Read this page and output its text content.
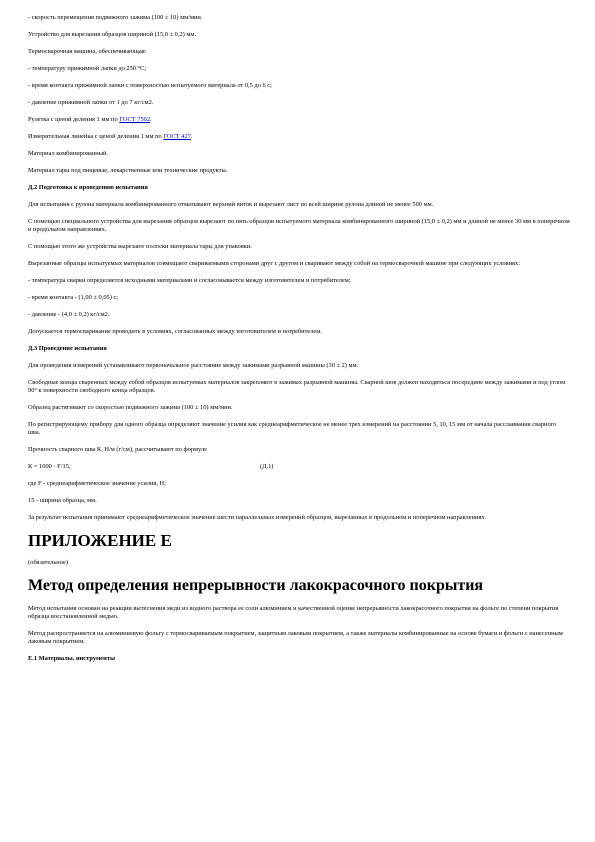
- скорость перемещения подвижного зажима (100 ± 10) мм/мин.

Устройство для вырезания образцов шириной (15,0 ± 0,2) мм.

Термосварочная машина, обеспечивающая:

- температуру прижимной лапки до 250 °С;

- время контакта прижимной лапки с поверхностью испытуемого материала от 0,5 до 6 с;

- давление прижимной лапки от 1 до 7 кг/см2.

Рулетка с ценой деления 1 мм по ГОСТ 7502.

Измерительная линейка с ценой деления 1 мм по ГОСТ 427.

Материал комбинированный.

Материал тары под пищевые, лекарственные или технические продукты.

Д.2 Подготовка к проведению испытания

Для испытания с рулона материала комбинированного отматывают верхний виток и вырезают лист по всей ширине рулона длиной не менее 500 мм.

С помощью специального устройства для вырезания образцов вырезают по пять образцов испытуемого материала комбинированного шириной (15,0 ± 0,2) мм и длиной не менее 30 мм в поперечном и продольном направлениях.

С помощью этого же устройства вырезают полоски материала тары для упаковки.

Вырезанные образцы испытуемых материалов совмещают свариваемыми сторонами друг с другом и сваривают между собой на термосварочной машине при следующих условиях:

- температура сварки определяется исходными материалами и согласовывается между изготовителем и потребителем;

- время контакта - (1,00 ± 0,05) с;

- давление - (4,0 ± 0,2) кг/см2.

Допускается термосваривание проводить в условиях, согласованных между изготовителем и потребителем.

Д.3 Проведение испытания

Для проведения измерений устанавливают первоначальное расстояние между зажимами разрывной машины (30 ± 2) мм.

Свободные концы сваренных между собой образцов испытуемых материалов закрепляют в зажимах разрывной машины. Сварной шов должен находиться посередине между зажимами и под углом 90° к поверхности свободного конца образцов.

Образец растягивают со скоростью подвижного зажима (100 ± 10) мм/мин.

По регистрирующему прибору для одного образца определяют значение усилия как среднеарифметическое не менее трех измерений на расстоянии 5, 10, 15 мм от начала расслаивания сварного шва.

Прочность сварного шва К, Н/м (г/см), рассчитывают по формуле

К = 1000 · F/15,	(Д.1)

где F - среднеарифметическое значение усилия, Н;

15 - ширина образца, мм.

За результат испытания принимают среднеарифметическое значение шести параллельных измерений образцов, вырезанных в продольном и поперечном направлениях.

ПРИЛОЖЕНИЕ Е

(обязательное)

Метод определения непрерывности лакокрасочного покрытия

Метод испытания основан на реакции вытеснения меди из водного раствора ее соли алюминием и качественной оценке непрерывности лакокрасочного покрытия на фольге по степени покрытия образца восстановленной медью.

Метод распространяется на алюминиевую фольгу с термосвариваемым покрытием, защитным лаковым покрытием, а также материалы комбинированные на основе бумаги и фольги с нанесенным лаковым покрытием.

Е.1 Материалы, инструменты
